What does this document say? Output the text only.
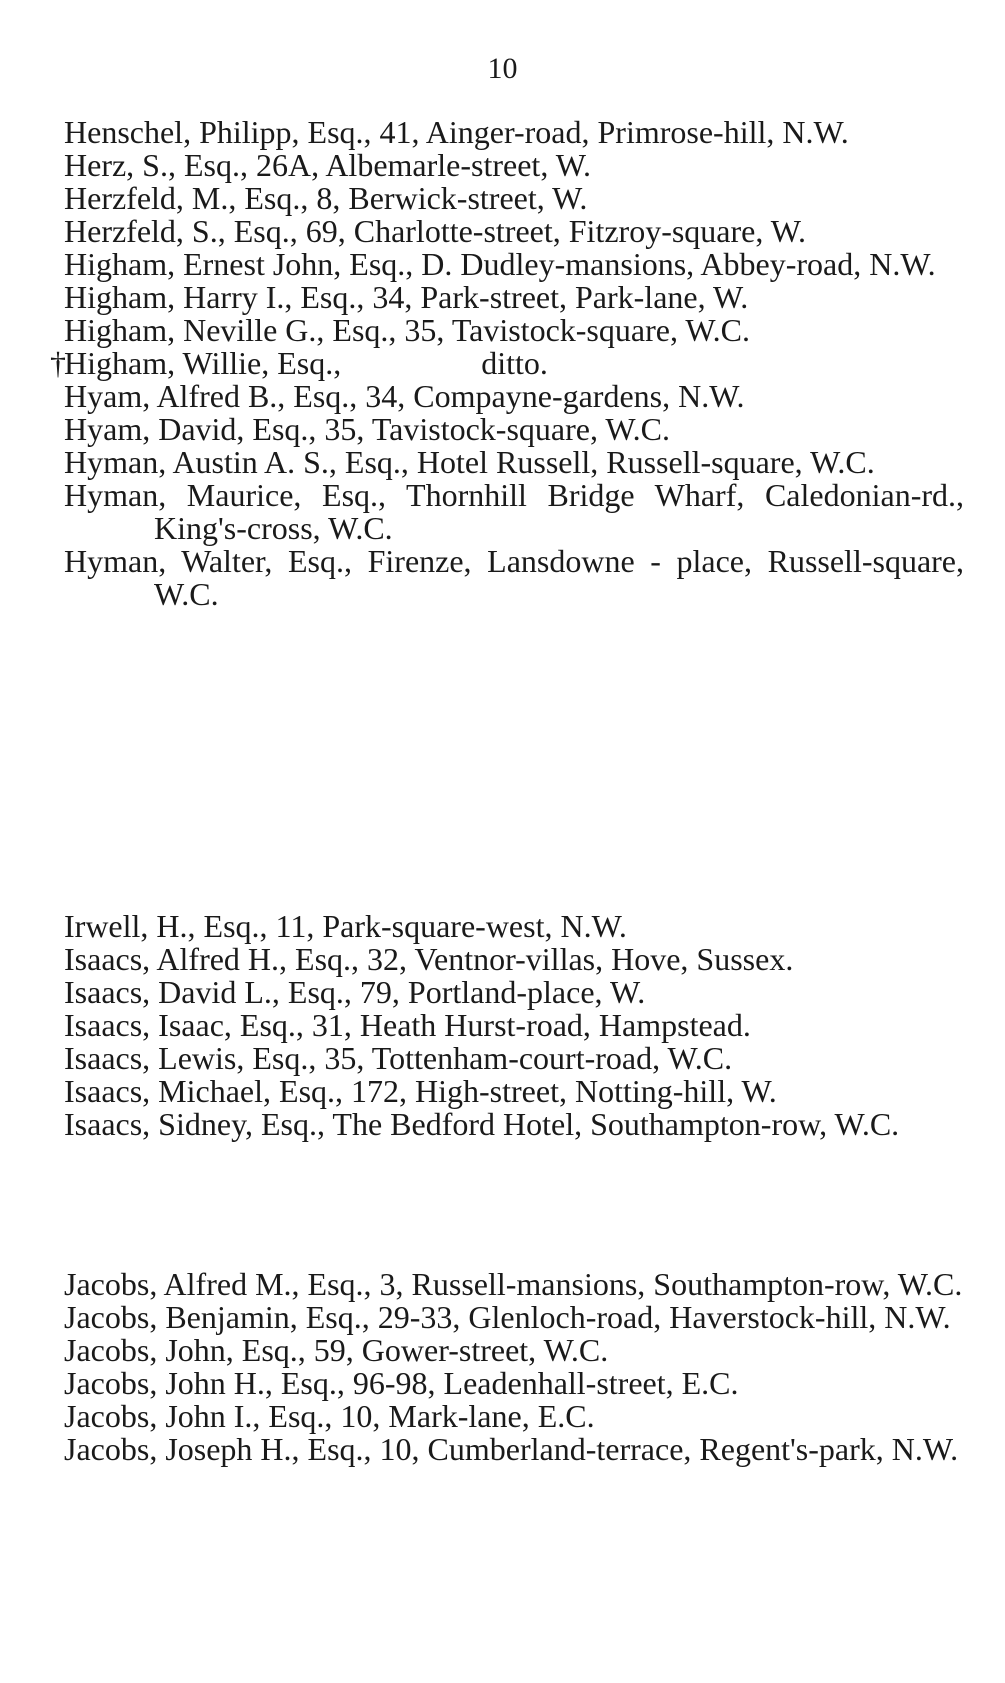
10
Henschel, Philipp, Esq., 41, Ainger-road, Primrose-hill, N.W.
Herz, S., Esq., 26A, Albemarle-street, W.
Herzfeld, M., Esq., 8, Berwick-street, W.
Herzfeld, S., Esq., 69, Charlotte-street, Fitzroy-square, W.
Higham, Ernest John, Esq., D. Dudley-mansions, Abbey-road, N.W.
Higham, Harry I., Esq., 34, Park-street, Park-lane, W.
Higham, Neville G., Esq., 35, Tavistock-square, W.C.
†
Higham, Willie, Esq.,	ditto.
Hyam, Alfred B., Esq., 34, Compayne-gardens, N.W.
Hyam, David, Esq., 35, Tavistock-square, W.C.
Hyman, Austin A. S., Esq., Hotel Russell, Russell-square, W.C.
Hyman, Maurice, Esq., Thornhill Bridge Wharf, Caledonian-rd., King's-cross, W.C.
Hyman, Walter, Esq., Firenze, Lansdowne - place, Russell-square, W.C.
Irwell, H., Esq., 11, Park-square-west, N.W.
Isaacs, Alfred H., Esq., 32, Ventnor-villas, Hove, Sussex.
Isaacs, David L., Esq., 79, Portland-place, W.
Isaacs, Isaac, Esq., 31, Heath Hurst-road, Hampstead.
Isaacs, Lewis, Esq., 35, Tottenham-court-road, W.C.
Isaacs, Michael, Esq., 172, High-street, Notting-hill, W.
Isaacs, Sidney, Esq., The Bedford Hotel, Southampton-row, W.C.
Jacobs, Alfred M., Esq., 3, Russell-mansions, Southampton-row, W.C.
Jacobs, Benjamin, Esq., 29-33, Glenloch-road, Haverstock-hill, N.W.
Jacobs, John, Esq., 59, Gower-street, W.C.
Jacobs, John H., Esq., 96-98, Leadenhall-street, E.C.
Jacobs, John I., Esq., 10, Mark-lane, E.C.
Jacobs, Joseph H., Esq., 10, Cumberland-terrace, Regent's-park, N.W.
